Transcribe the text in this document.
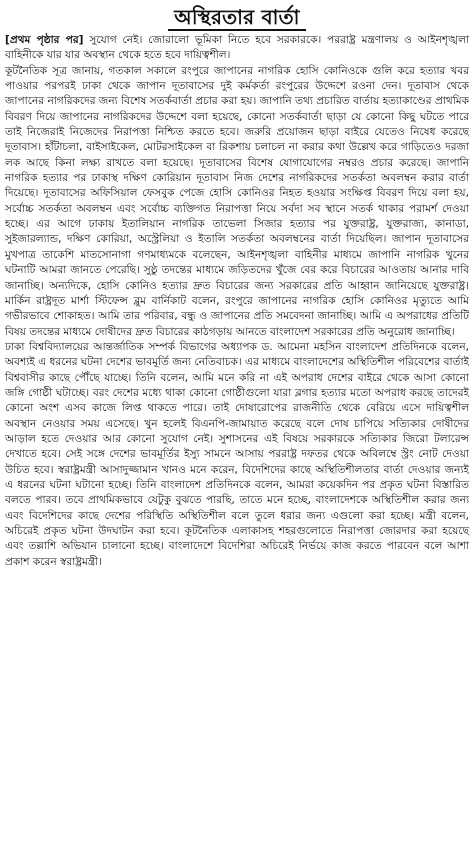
অস্থিরতার বার্তা

[প্রথম পৃষ্ঠার পর] সুযোগ নেই। জোরালো ভূমিকা নিতে হবে সরকারকে। পররাষ্ট্র মন্ত্রণালয় ও আইনশৃঙ্খলা বাহিনীকে যার যার অবস্থান থেকে হতে হবে দায়িত্বশীল।

কূটনৈতিক সূত্র জানায়, গতকাল সকালে রংপুরে জাপানের নাগরিক হোসি কোনিওকে গুলি করে হত্যার খবর পাওয়ার পরপরই ঢাকা থেকে জাপান দূতাবাসের দুই কর্মকর্তা রংপুরের উদ্দেশে রওনা দেন। দূতাবাস থেকে জাপানের নাগরিকদের জন্য বিশেষ সতর্কবার্তা প্রচার করা হয়। জাপানি তথ্য প্রচারিত বার্তায় হত্যাকাণ্ডের প্রাথমিক বিবরণ দিয়ে জাপানের নাগরিকদের উদ্দেশে বলা হয়েছে, কোনো সতর্কবার্তা ছাড়া যে কোনো কিছু ঘটতে পারে তাই নিজেরাই নিজেদের নিরাপত্তা নিশ্চিত করতে হবে। জরুরি প্রয়োজন ছাড়া বাইরে যেতেও নিষেধ করেছে দূতাবাস। হাঁটাচলা, বাইসাইকেল, মোটরসাইকেল বা রিকশায় চলাচল না করার কথা উল্লেখ করে গাড়িতেও দরজা লক আছে কিনা লক্ষ্য রাখতে বলা হয়েছে। দূতাবাসের বিশেষ যোগাযোগের নম্বরও প্রচার করেছে। জাপানি নাগরিক হত্যার পর ঢাকাস্থ দক্ষিণ কোরিয়ান দূতাবাস নিজ দেশের নাগরিকদের সতর্কতা অবলম্বন করার বার্তা দিয়েছে। দূতাবাসের অফিসিয়াল ফেসবুক পেজে হোসি কোনিওর নিহত হওয়ার সংক্ষিপ্ত বিবরণ দিয়ে বলা হয়, সর্বোচ্চ সতর্কতা অবলম্বন এবং সর্বোচ্চ ব্যক্তিগত নিরাপত্তা নিয়ে সর্বদা সব স্থানে সতর্ক থাকার পরামর্শ দেওয়া হচ্ছে। এর আগে ঢাকায় ইতালিয়ান নাগরিক তাভেলা সিজার হত্যার পর যুক্তরাষ্ট্র, যুক্তরাজ্য, কানাডা, সুইজারল্যান্ড, দক্ষিণ কোরিয়া, অস্ট্রেলিয়া ও ইতালি সতর্কতা অবলম্বনের বার্তা দিয়েছিল। জাপান দূতাবাসের মুখপাত্র তাকেশি মাতসোনাগা গণমাধ্যমকে বলেছেন, আইনশৃঙ্খলা বাহিনীর মাধ্যমে জাপানি নাগরিক খুনের ঘটনাটি আমরা জানতে পেরেছি। সুষ্ঠু তদন্তের মাধ্যমে জড়িতদের খুঁজে বের করে বিচারের আওতায় আনার দাবি জানাচ্ছি। অন্যদিকে, হোসি কোনিও হত্যার দ্রুত বিচারের জন্য সরকারের প্রতি আহ্বান জানিয়েছে যুক্তরাষ্ট্র। মার্কিন রাষ্ট্রদূত মার্শা স্টিফেন্স ব্লুম বার্নিকাট বলেন, রংপুরে জাপানের নাগরিক হোসি কোনিওর মৃত্যুতে আমি গভীরভাবে শোকাহত। আমি তার পরিবার, বন্ধু ও জাপানের প্রতি সমবেদনা জানাচ্ছি। আমি এ অপরাধের প্রতিটি বিষয় তদন্তের মাধ্যমে দোষীদের দ্রুত বিচারের কাঠগড়ায় আনতে বাংলাদেশ সরকারের প্রতি অনুরোধ জানাচ্ছি।

ঢাকা বিশ্ববিদ্যালয়ের আন্তর্জাতিক সম্পর্ক বিভাগের অধ্যাপক ড. আমেনা মহসিন বাংলাদেশ প্রতিদিনকে বলেন, অবশ্যই এ ধরনের ঘটনা দেশের ভাবমূর্তি জন্য নেতিবাচক। এর মাধ্যমে বাংলাদেশের অস্থিতিশীল পরিবেশের বার্তাই বিশ্ববাসীর কাছে পৌঁছে যাচ্ছে। তিনি বলেন, আমি মনে করি না এই অপরাধ দেশের বাইরে থেকে আসা কোনো জঙ্গি গোষ্ঠী ঘটাচ্ছে। বরং দেশের মধ্যে থাকা কোনো গোষ্ঠীগুলো যারা ব্লগার হত্যার মতো অপরাধ করছে তাদেরই কোনো অংশ এসব কাজে লিপ্ত থাকতে পারে। তাই দোষারোপের রাজনীতি থেকে বেরিয়ে এসে দায়িত্বশীল অবস্থান নেওয়ার সময় এসেছে। খুন হলেই বিএনপি-জামায়াত করেছে বলে দোষ চাপিয়ে সত্যিকার দোষীদের আড়াল হতে দেওয়ার আর কোনো সুযোগ নেই। সুশাসনের এই বিষয়ে সরকারকে সত্যিকার জিরো টলারেন্স দেখাতে হবে। সেই সঙ্গে দেশের ভাবমূর্তির ইস্যু সামনে আসায় পররাষ্ট্র দফতর থেকে অবিলম্বে স্ট্রং নোট দেওয়া উচিত হবে। স্বরাষ্ট্রমন্ত্রী আসাদুজ্জামান খানও মনে করেন, বিদেশিদের কাছে অস্থিতিশীলতার বার্তা দেওয়ার জন্যই এ ধরনের ঘটনা ঘটানো হচ্ছে। তিনি বাংলাদেশ প্রতিদিনকে বলেন, আমরা কয়েকদিন পর প্রকৃত ঘটনা বিস্তারিত বলতে পারব। তবে প্রাথমিকভাবে যেটুকু বুঝতে পারছি, তাতে মনে হচ্ছে, বাংলাদেশকে অস্থিতিশীল করার জন্য এবং বিদেশিদের কাছে দেশের পরিস্থিতি অস্থিতিশীল বলে তুলে ধরার জন্য এগুলো করা হচ্ছে। মন্ত্রী বলেন, অচিরেই প্রকৃত ঘটনা উদঘাটন করা হবে। কূটনৈতিক এলাকাসহ শহরগুলোতে নিরাপত্তা জোরদার করা হয়েছে এবং তল্লাশি অভিযান চালানো হচ্ছে। বাংলাদেশে বিদেশিরা অচিরেই নির্ভয়ে কাজ করতে পারবেন বলে আশা প্রকাশ করেন স্বরাষ্ট্রমন্ত্রী।
